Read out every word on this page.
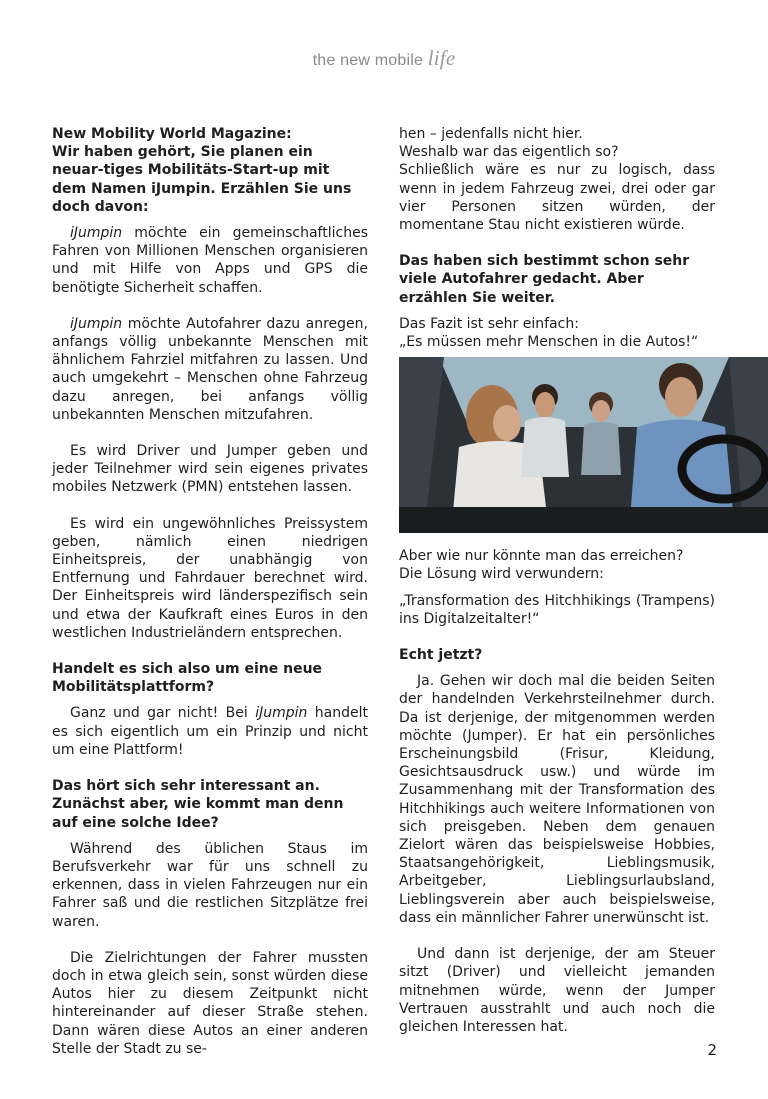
the new mobile life

New Mobility World Magazine:

Wir haben gehört, Sie planen ein neuar-tiges Mobilitäts-Start-up mit dem Namen iJumpin. Erzählen Sie uns doch davon:

iJumpin möchte ein gemeinschaftliches Fahren von Millionen Menschen organisieren und mit Hilfe von Apps und GPS die benötigte Sicherheit schaffen.

iJumpin möchte Autofahrer dazu anregen, anfangs völlig unbekannte Menschen mit ähnlichem Fahrziel mitfahren zu lassen. Und auch umgekehrt – Menschen ohne Fahrzeug dazu anregen, bei anfangs völlig unbekannten Menschen mitzufahren.

Es wird Driver und Jumper geben und jeder Teilnehmer wird sein eigenes privates mobiles Netzwerk (PMN) entstehen lassen.

Es wird ein ungewöhnliches Preissystem geben, nämlich einen niedrigen Einheitspreis, der unabhängig von Entfernung und Fahrdauer berechnet wird. Der Einheitspreis wird länderspezifisch sein und etwa der Kaufkraft eines Euros in den westlichen Industrieländern entsprechen.

Handelt es sich also um eine neue Mobilitätsplattform?

Ganz und gar nicht! Bei iJumpin handelt es sich eigentlich um ein Prinzip und nicht um eine Plattform!

Das hört sich sehr interessant an. Zunächst aber, wie kommt man denn auf eine solche Idee?

Während des üblichen Staus im Berufsverkehr war für uns schnell zu erkennen, dass in vielen Fahrzeugen nur ein Fahrer saß und die restlichen Sitzplätze frei waren.

Die Zielrichtungen der Fahrer mussten doch in etwa gleich sein, sonst würden diese Autos hier zu diesem Zeitpunkt nicht hintereinander auf dieser Straße stehen. Dann wären diese Autos an einer anderen Stelle der Stadt zu se-

hen – jedenfalls nicht hier.

Weshalb war das eigentlich so?

Schließlich wäre es nur zu logisch, dass wenn in jedem Fahrzeug zwei, drei oder gar vier Personen sitzen würden, der momentane Stau nicht existieren würde.

Das haben sich bestimmt schon sehr viele Autofahrer gedacht. Aber erzählen Sie weiter.

Das Fazit ist sehr einfach:

„Es müssen mehr Menschen in die Autos!“

Aber wie nur könnte man das erreichen?

Die Lösung wird verwundern:

„Transformation des Hitchhikings (Trampens) ins Digitalzeitalter!“

Echt jetzt?

Ja. Gehen wir doch mal die beiden Seiten der handelnden Verkehrsteilnehmer durch. Da ist derjenige, der mitgenommen werden möchte (Jumper). Er hat ein persönliches Erscheinungsbild (Frisur, Kleidung, Gesichtsausdruck usw.) und würde im Zusammenhang mit der Transformation des Hitchhikings auch weitere Informationen von sich preisgeben. Neben dem genauen Zielort wären das beispielsweise Hobbies, Staatsangehörigkeit, Lieblingsmusik, Arbeitgeber, Lieblingsurlaubsland, Lieblingsverein aber auch beispielsweise, dass ein männlicher Fahrer unerwünscht ist.

Und dann ist derjenige, der am Steuer sitzt (Driver) und vielleicht jemanden mitnehmen würde, wenn der Jumper Vertrauen ausstrahlt und auch noch die gleichen Interessen hat.

2
